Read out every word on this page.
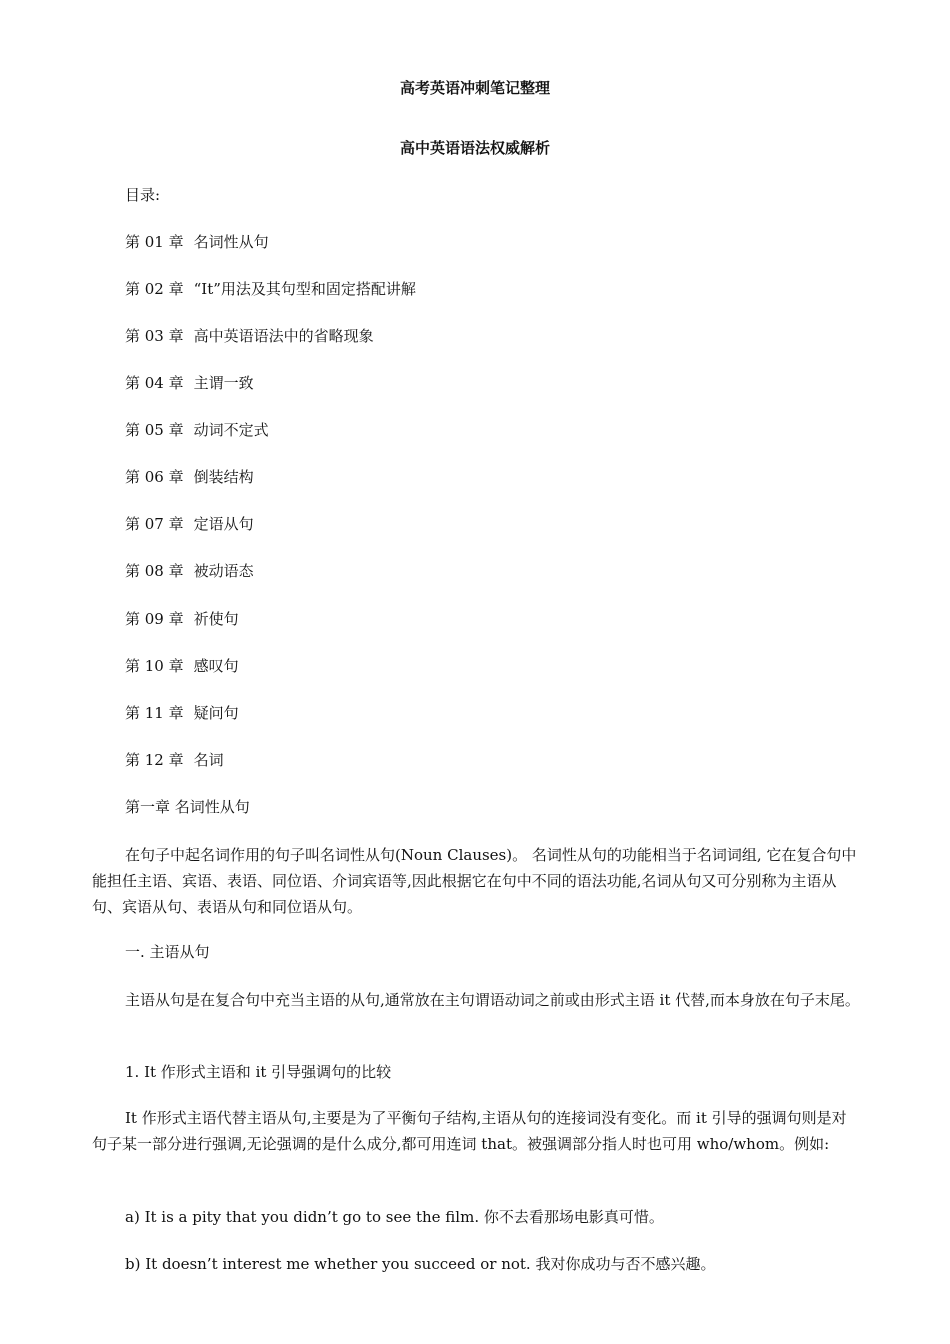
高考英语冲刺笔记整理
高中英语语法权威解析
目录:
第 01 章 名词性从句
第 02 章 “It”用法及其句型和固定搭配讲解
第 03 章 高中英语语法中的省略现象
第 04 章 主谓一致
第 05 章 动词不定式
第 06 章 倒装结构
第 07 章 定语从句
第 08 章 被动语态
第 09 章 祈使句
第 10 章 感叹句
第 11 章 疑问句
第 12 章 名词
第一章 名词性从句
在句子中起名词作用的句子叫名词性从句(Noun Clauses)。 名词性从句的功能相当于名词词组, 它在复合句中能担任主语、宾语、表语、同位语、介词宾语等,因此根据它在句中不同的语法功能,名词从句又可分别称为主语从句、宾语从句、表语从句和同位语从句。
一. 主语从句
主语从句是在复合句中充当主语的从句,通常放在主句谓语动词之前或由形式主语 it 代替,而本身放在句子末尾。
1. It 作形式主语和 it 引导强调句的比较
It 作形式主语代替主语从句,主要是为了平衡句子结构,主语从句的连接词没有变化。而 it 引导的强调句则是对句子某一部分进行强调,无论强调的是什么成分,都可用连词 that。被强调部分指人时也可用 who/whom。例如:
a) It is a pity that you didn’t go to see the film. 你不去看那场电影真可惜。
b) It doesn’t interest me whether you succeed or not. 我对你成功与否不感兴趣。
